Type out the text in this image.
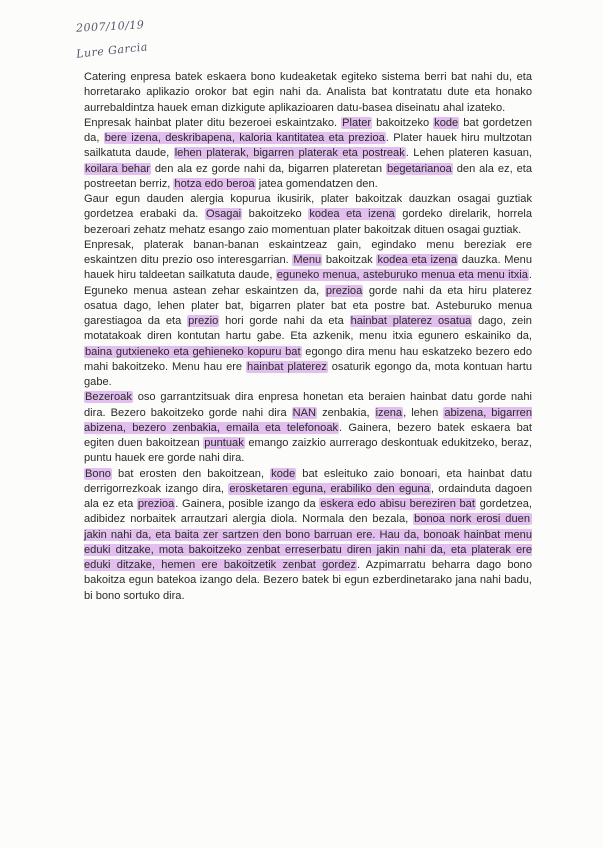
2007/10/19
Lure Garcia

Catering enpresa batek eskaera bono kudeaketak egiteko sistema berri bat nahi du, eta horretarako aplikazio orokor bat egin nahi da. Analista bat kontratatu dute eta honako aurrebaldintza hauek eman dizkigute aplikazioaren datu-basea diseinatu ahal izateko.

Enpresak hainbat plater ditu bezeroei eskaintzako. Plater bakoitzeko kode bat gordetzen da, bere izena, deskribapena, kaloria kantitatea eta prezioa. Plater hauek hiru multzotan sailkatuta daude, lehen platerak, bigarren platerak eta postreak. Lehen plateren kasuan, koilara behar den ala ez gorde nahi da, bigarren plateretan begetarianoa den ala ez, eta postreetan berriz, hotza edo beroa jatea gomendatzen den.

Gaur egun dauden alergia kopurua ikusirik, plater bakoitzak dauzkan osagai guztiak gordetzea erabaki da. Osagai bakoitzeko kodea eta izena gordeko direlarik, horrela bezeroari zehatz mehatz esango zaio momentuan plater bakoitzak dituen osagai guztiak.

Enpresak, platerak banan-banan eskaintzeaz gain, egindako menu bereziak ere eskaintzen ditu prezio oso interesgarrian. Menu bakoitzak kodea eta izena dauzka. Menu hauek hiru taldeetan sailkatuta daude, eguneko menua, asteburuko menua eta menu itxia. Eguneko menua astean zehar eskaintzen da, prezioa gorde nahi da eta hiru platerez osatua dago, lehen plater bat, bigarren plater bat eta postre bat. Asteburuko menua garestiagoa da eta prezio hori gorde nahi da eta hainbat platerez osatua dago, zein motatakoak diren kontutan hartu gabe. Eta azkenik, menu itxia egunero eskainiko da, baina gutxieneko eta gehieneko kopuru bat egongo dira menu hau eskatzeko bezero edo mahi bakoitzeko. Menu hau ere hainbat platerez osaturik egongo da, mota kontuan hartu gabe.

Bezeroak oso garrantzitsuak dira enpresa honetan eta beraien hainbat datu gorde nahi dira. Bezero bakoitzeko gorde nahi dira NAN zenbakia, izena, lehen abizena, bigarren abizena, bezero zenbakia, emaila eta telefonoak. Gainera, bezero batek eskaera bat egiten duen bakoitzean puntuak emango zaizkio aurrerago deskontuak edukitzeko, beraz, puntu hauek ere gorde nahi dira.

Bono bat erosten den bakoitzean, kode bat esleituko zaio bonoari, eta hainbat datu derrigorrezkoak izango dira, erosketaren eguna, erabiliko den eguna, ordainduta dagoen ala ez eta prezioa. Gainera, posible izango da eskera edo abisu bereziren bat gordetzea, adibidez norbaitek arrautzari alergia diola. Normala den bezala, bonoa nork erosi duen jakin nahi da, eta baita zer sartzen den bono barruan ere. Hau da, bonoak hainbat menu eduki ditzake, mota bakoitzeko zenbat erreserbatu diren jakin nahi da, eta platerak ere eduki ditzake, hemen ere bakoitzetik zenbat gordez. Azpimarratu beharra dago bono bakoitza egun batekoa izango dela. Bezero batek bi egun ezberdinetarako jana nahi badu, bi bono sortuko dira.
